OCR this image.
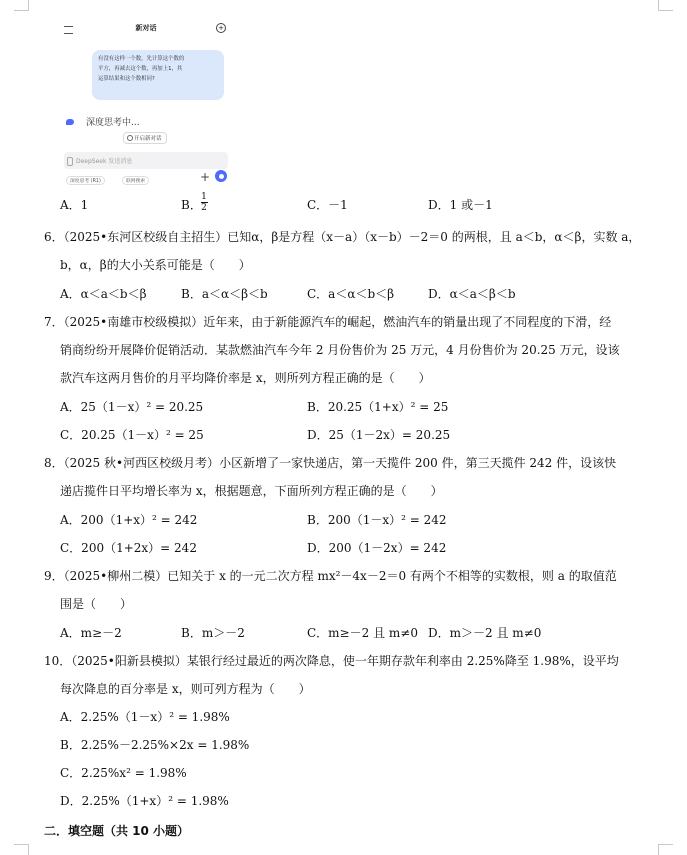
新对话	+
有没有这样一个数，先计算这个数的
平方，再减去这个数，再加上1，其
运算结果和这个数相同?
深度思考中...
开启新对话
DeepSeek 发送消息
深度思考 (R1)	联网搜索	+
A．1	B．
1
2	C．－1	D．1 或－1
6．（2025•东河区校级自主招生）已知α，β是方程（x－a）（x－b）－2＝0 的两根，且 a＜b，α＜β，实数 a，
b，α，β的大小关系可能是（　　）
A．α＜a＜b＜β	B．a＜α＜β＜b	C．a＜α＜b＜β	D．α＜a＜β＜b
7．（2025•南雄市校级模拟）近年来，由于新能源汽车的崛起，燃油汽车的销量出现了不同程度的下滑，经
销商纷纷开展降价促销活动．某款燃油汽车今年 2 月份售价为 25 万元，4 月份售价为 20.25 万元，设该
款汽车这两月售价的月平均降价率是 x，则所列方程正确的是（　　）
A．25（1－x）² = 20.25	B．20.25（1+x）² = 25
C．20.25（1－x）² = 25	D．25（1－2x）= 20.25
8．（2025 秋•河西区校级月考）小区新增了一家快递店，第一天揽件 200 件，第三天揽件 242 件，设该快
递店揽件日平均增长率为 x，根据题意，下面所列方程正确的是（　　）
A．200（1+x）² = 242	B．200（1－x）² = 242
C．200（1+2x）= 242	D．200（1－2x）= 242
9．（2025•柳州二模）已知关于 x 的一元二次方程 mx²－4x－2＝0 有两个不相等的实数根，则 a 的取值范
围是（　　）
A．m≥－2	B．m＞－2	C．m≥－2 且 m≠0 D．m＞－2 且 m≠0
10．（2025•阳新县模拟）某银行经过最近的两次降息，使一年期存款年利率由 2.25%降至 1.98%，设平均
每次降息的百分率是 x，则可列方程为（　　）
A．2.25%（1－x）² = 1.98%
B．2.25%－2.25%×2x = 1.98%
C．2.25%x² = 1.98%
D．2.25%（1+x）² = 1.98%
二．填空题（共 10 小题）
